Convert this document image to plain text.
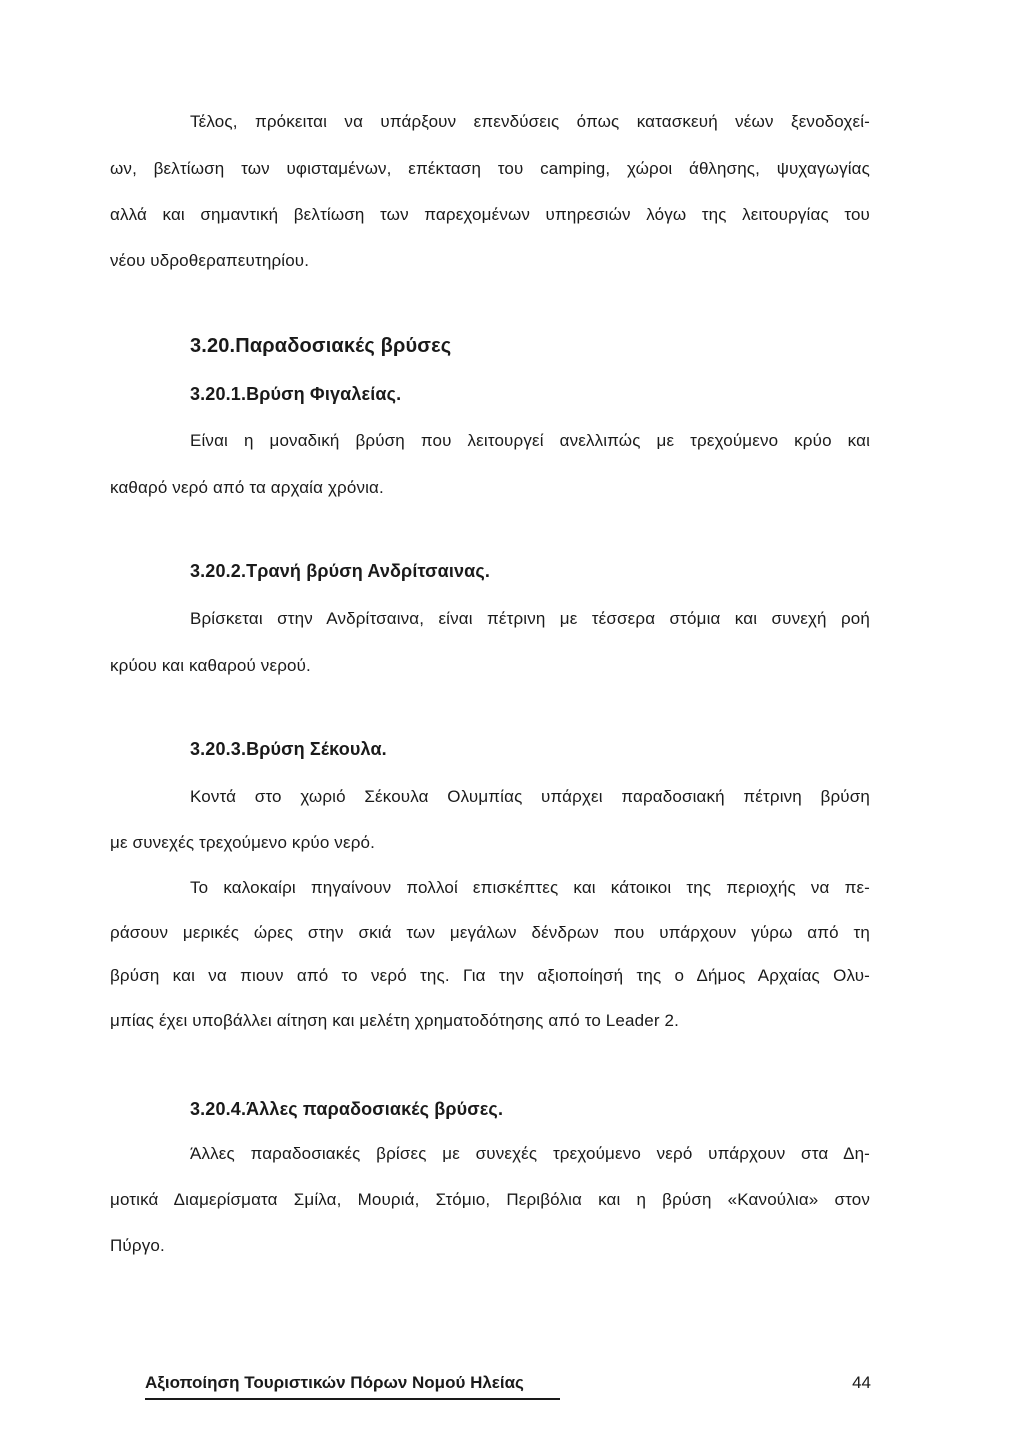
Τέλος, πρόκειται να υπάρξουν επενδύσεις όπως κατασκευή νέων ξενοδοχεί-
ων, βελτίωση των υφισταμένων, επέκταση του camping, χώροι άθλησης, ψυχαγωγίας
αλλά και σημαντική βελτίωση των παρεχομένων υπηρεσιών λόγω της λειτουργίας του
νέου υδροθεραπευτηρίου.
3.20.Παραδοσιακές βρύσες
3.20.1.Βρύση Φιγαλείας.
Είναι η μοναδική βρύση που λειτουργεί ανελλιπώς με τρεχούμενο κρύο και
καθαρό νερό από τα αρχαία χρόνια.
3.20.2.Τρανή βρύση Ανδρίτσαινας.
Βρίσκεται στην Ανδρίτσαινα, είναι πέτρινη με τέσσερα στόμια και συνεχή ροή
κρύου και καθαρού νερού.
3.20.3.Βρύση Σέκουλα.
Κοντά στο χωριό Σέκουλα Ολυμπίας υπάρχει παραδοσιακή πέτρινη βρύση
με συνεχές τρεχούμενο κρύο νερό.
Το καλοκαίρι πηγαίνουν πολλοί επισκέπτες και κάτοικοι της περιοχής να πε-
ράσουν μερικές ώρες στην σκιά των μεγάλων δένδρων που υπάρχουν γύρω από τη
βρύση και να πιουν από το νερό της. Για την αξιοποίησή της ο Δήμος Αρχαίας Ολυ-
μπίας έχει υποβάλλει αίτηση και μελέτη χρηματοδότησης από το Leader 2.
3.20.4.Άλλες παραδοσιακές βρύσες.
Άλλες παραδοσιακές βρίσες με συνεχές τρεχούμενο νερό υπάρχουν στα Δη-
μοτικά Διαμερίσματα Σμίλα, Μουριά, Στόμιο, Περιβόλια και η βρύση «Κανούλια» στον
Πύργο.
Αξιοποίηση Τουριστικών Πόρων Νομού Ηλείας	44
